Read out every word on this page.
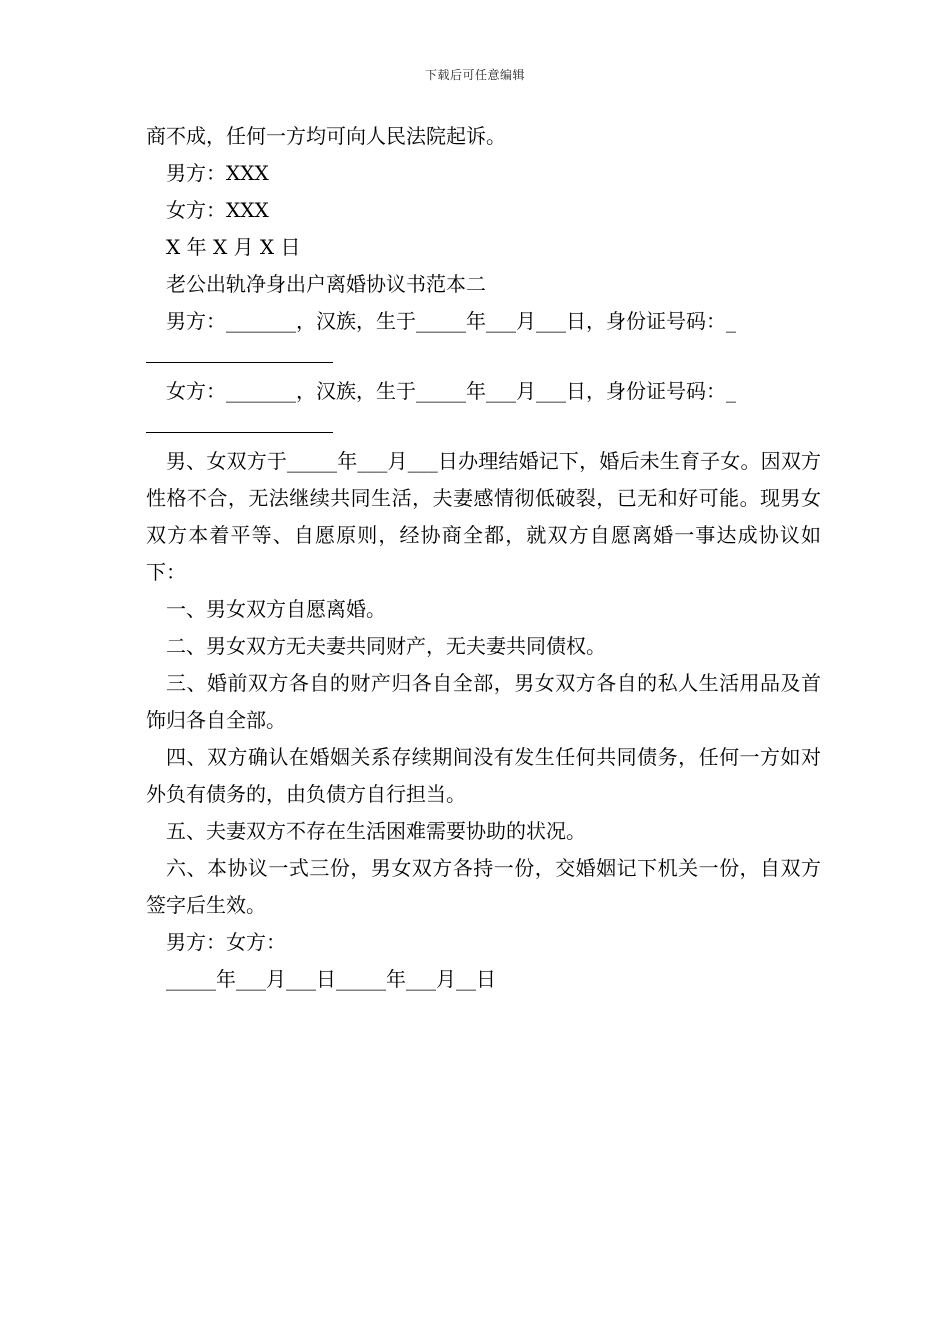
下载后可任意编辑
商不成，任何一方均可向人民法院起诉。
男方：XXX
女方：XXX
X 年 X 月 X 日
老公出轨净身出户离婚协议书范本二
男方：_______，汉族，生于_____年___月___日，身份证号码：_
女方：_______，汉族，生于_____年___月___日，身份证号码：_
男、女双方于_____年___月___日办理结婚记下，婚后未生育子女。因双方性格不合，无法继续共同生活，夫妻感情彻低破裂，已无和好可能。现男女双方本着平等、自愿原则，经协商全都，就双方自愿离婚一事达成协议如下：
一、男女双方自愿离婚。
二、男女双方无夫妻共同财产，无夫妻共同债权。
三、婚前双方各自的财产归各自全部，男女双方各自的私人生活用品及首饰归各自全部。
四、双方确认在婚姻关系存续期间没有发生任何共同债务，任何一方如对外负有债务的，由负债方自行担当。
五、夫妻双方不存在生活困难需要协助的状况。
六、本协议一式三份，男女双方各持一份，交婚姻记下机关一份，自双方签字后生效。
男方：女方：
_____年___月___日_____年___月__日
